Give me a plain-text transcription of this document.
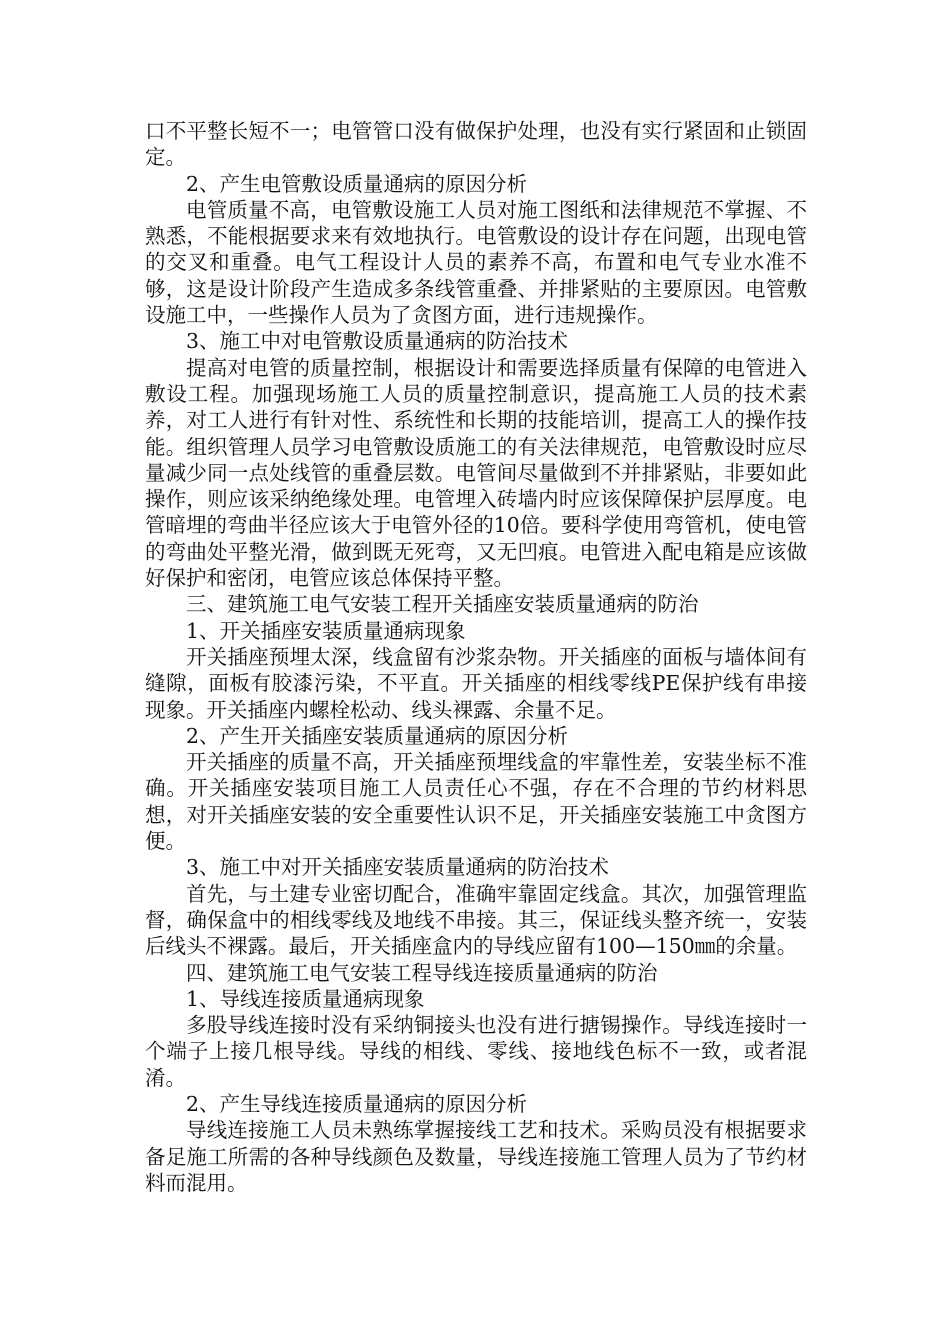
口不平整长短不一；电管管口没有做保护处理，也没有实行紧固和止锁固定。

2、产生电管敷设质量通病的原因分析

电管质量不高，电管敷设施工人员对施工图纸和法律规范不掌握、不熟悉，不能根据要求来有效地执行。电管敷设的设计存在问题，出现电管的交叉和重叠。电气工程设计人员的素养不高，布置和电气专业水准不够，这是设计阶段产生造成多条线管重叠、并排紧贴的主要原因。电管敷设施工中，一些操作人员为了贪图方面，进行违规操作。

3、施工中对电管敷设质量通病的防治技术

提高对电管的质量控制，根据设计和需要选择质量有保障的电管进入敷设工程。加强现场施工人员的质量控制意识，提高施工人员的技术素养，对工人进行有针对性、系统性和长期的技能培训，提高工人的操作技能。组织管理人员学习电管敷设质施工的有关法律规范，电管敷设时应尽量减少同一点处线管的重叠层数。电管间尽量做到不并排紧贴，非要如此操作，则应该采纳绝缘处理。电管埋入砖墙内时应该保障保护层厚度。电管暗埋的弯曲半径应该大于电管外径的10倍。要科学使用弯管机，使电管的弯曲处平整光滑，做到既无死弯，又无凹痕。电管进入配电箱是应该做好保护和密闭，电管应该总体保持平整。

三、建筑施工电气安装工程开关插座安装质量通病的防治

1、开关插座安装质量通病现象

开关插座预埋太深，线盒留有沙浆杂物。开关插座的面板与墙体间有缝隙，面板有胶漆污染，不平直。开关插座的相线零线PE保护线有串接现象。开关插座内螺栓松动、线头裸露、余量不足。

2、产生开关插座安装质量通病的原因分析

开关插座的质量不高，开关插座预埋线盒的牢靠性差，安装坐标不准确。开关插座安装项目施工人员责任心不强，存在不合理的节约材料思想，对开关插座安装的安全重要性认识不足，开关插座安装施工中贪图方便。

3、施工中对开关插座安装质量通病的防治技术

首先，与土建专业密切配合，准确牢靠固定线盒。其次，加强管理监督，确保盒中的相线零线及地线不串接。其三，保证线头整齐统一，安装后线头不裸露。最后，开关插座盒内的导线应留有100—150㎜的余量。

四、建筑施工电气安装工程导线连接质量通病的防治

1、导线连接质量通病现象

多股导线连接时没有采纳铜接头也没有进行搪锡操作。导线连接时一个端子上接几根导线。导线的相线、零线、接地线色标不一致，或者混淆。

2、产生导线连接质量通病的原因分析

导线连接施工人员未熟练掌握接线工艺和技术。采购员没有根据要求备足施工所需的各种导线颜色及数量，导线连接施工管理人员为了节约材料而混用。
